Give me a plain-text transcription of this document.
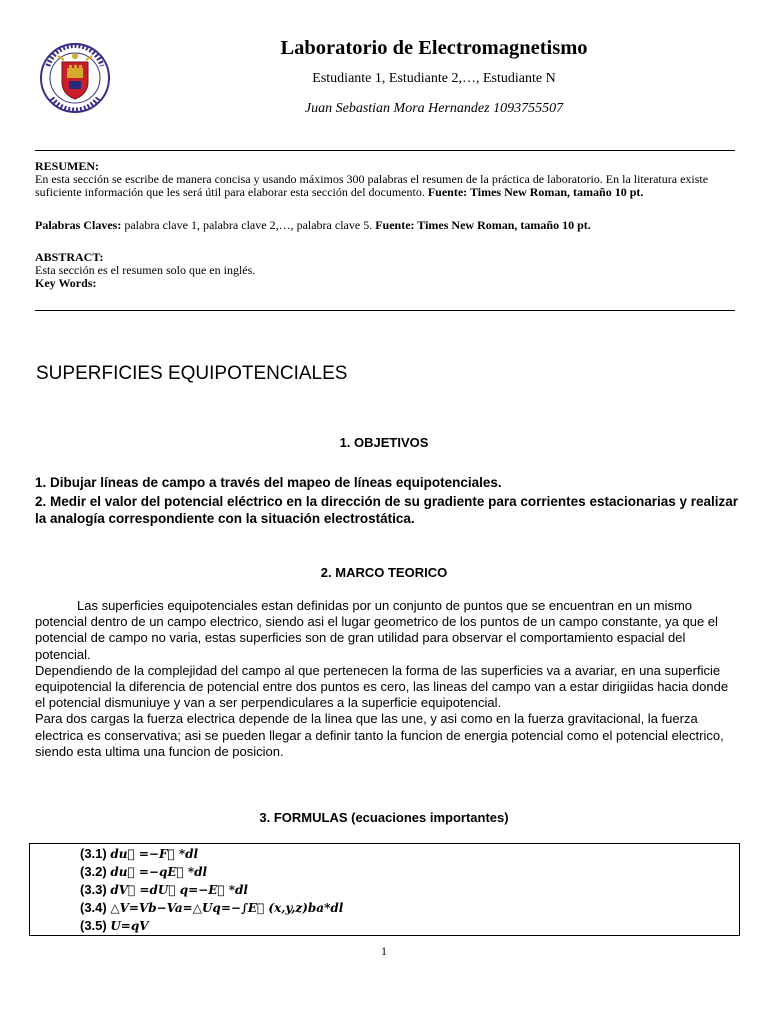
Laboratorio de Electromagnetismo
Estudiante 1, Estudiante 2,…, Estudiante N
Juan Sebastian Mora Hernandez 1093755507
RESUMEN:
En esta sección se escribe de manera concisa y usando máximos 300 palabras el resumen de la práctica de laboratorio. En la literatura existe suficiente información que les será útil para elaborar esta sección del documento. Fuente: Times New Roman, tamaño 10 pt.
Palabras Claves: palabra clave 1, palabra clave 2,…, palabra clave 5. Fuente: Times New Roman, tamaño 10 pt.
ABSTRACT:
Esta sección es el resumen solo que en inglés.
Key Words:
SUPERFICIES EQUIPOTENCIALES
1. OBJETIVOS
1. Dibujar líneas de campo a través del mapeo de líneas equipotenciales.
2. Medir el valor del potencial eléctrico en la dirección de su gradiente para corrientes estacionarias y realizar la analogía correspondiente con la situación electrostática.
2. MARCO TEORICO

Las superficies equipotenciales estan definidas por un conjunto de puntos que se encuentran en un mismo potencial dentro de un campo electrico, siendo asi el lugar geometrico de los puntos de un campo constante, ya que el potencial de campo no varia, estas superficies son de gran utilidad para observar el comportamiento espacial del potencial.

Dependiendo de la complejidad del campo al que pertenecen la forma de las superficies va a avariar, en una superficie equipotencial la diferencia de potencial entre dos puntos es cero, las lineas del campo van a estar dirigiidas hacia donde el potencial dismuniuye y van a ser perpendiculares a la superficie equipotencial.

Para dos cargas la fuerza electrica depende de la linea que las une, y asi como en la fuerza gravitacional, la fuerza electrica es conservativa; asi se pueden llegar a definir tanto la funcion de energia potencial como el potencial electrico, siendo esta ultima una funcion de posicion.

3. FORMULAS (ecuaciones importantes)
(3.1) du⃡ =−F⃡ *dl
(3.2) du⃡ =−qE⃡ *dl
(3.3) dV⃡ =dU⃡ q=−E⃡ *dl
(3.4) △V=Vb−Va=△Uq=−∫E⃡ (x,y,z)ba*dl
(3.5) U=qV
1
